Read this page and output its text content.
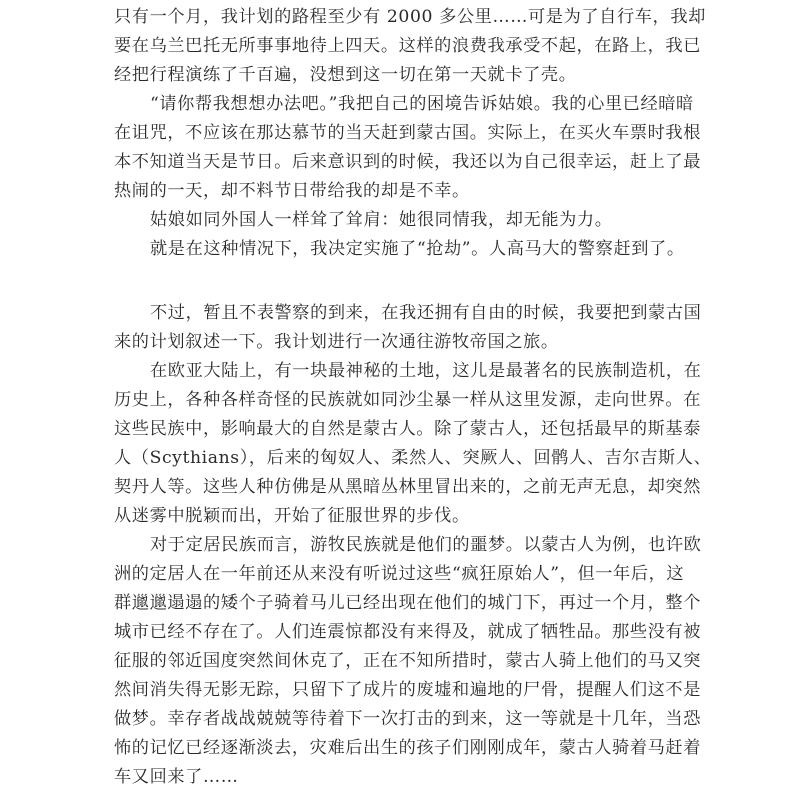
只有一个月，我计划的路程至少有 2000 多公里……可是为了自行车，我却
要在乌兰巴托无所事事地待上四天。这样的浪费我承受不起，在路上，我已
经把行程演练了千百遍，没想到这一切在第一天就卡了壳。
“请你帮我想想办法吧。”我把自己的困境告诉姑娘。我的心里已经暗暗
在诅咒，不应该在那达慕节的当天赶到蒙古国。实际上，在买火车票时我根
本不知道当天是节日。后来意识到的时候，我还以为自己很幸运，赶上了最
热闹的一天，却不料节日带给我的却是不幸。
姑娘如同外国人一样耸了耸肩：她很同情我，却无能为力。
就是在这种情况下，我决定实施了“抢劫”。人高马大的警察赶到了。
不过，暂且不表警察的到来，在我还拥有自由的时候，我要把到蒙古国
来的计划叙述一下。我计划进行一次通往游牧帝国之旅。
在欧亚大陆上，有一块最神秘的土地，这儿是最著名的民族制造机，在
历史上，各种各样奇怪的民族就如同沙尘暴一样从这里发源，走向世界。在
这些民族中，影响最大的自然是蒙古人。除了蒙古人，还包括最早的斯基泰
人（Scythians），后来的匈奴人、柔然人、突厥人、回鹘人、吉尔吉斯人、
契丹人等。这些人种仿佛是从黑暗丛林里冒出来的，之前无声无息，却突然
从迷雾中脱颖而出，开始了征服世界的步伐。
对于定居民族而言，游牧民族就是他们的噩梦。以蒙古人为例，也许欧
洲的定居人在一年前还从来没有听说过这些“疯狂原始人”，但一年后，这
群邋邋遢遢的矮个子骑着马儿已经出现在他们的城门下，再过一个月，整个
城市已经不存在了。人们连震惊都没有来得及，就成了牺牲品。那些没有被
征服的邻近国度突然间休克了，正在不知所措时，蒙古人骑上他们的马又突
然间消失得无影无踪，只留下了成片的废墟和遍地的尸骨，提醒人们这不是
做梦。幸存者战战兢兢等待着下一次打击的到来，这一等就是十几年，当恐
怖的记忆已经逐渐淡去，灾难后出生的孩子们刚刚成年，蒙古人骑着马赶着
车又回来了……
